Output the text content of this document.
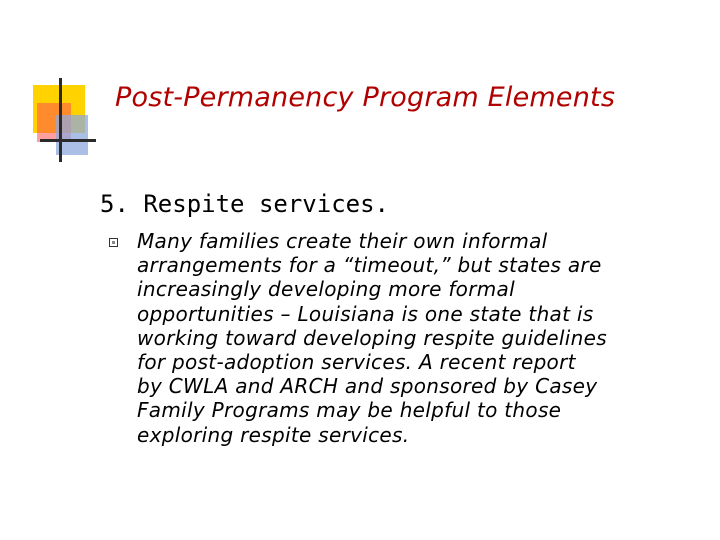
Post-Permanency Program Elements
5. Respite services.
Many families create their own informal
arrangements for a “timeout,” but states are
increasingly developing more formal
opportunities – Louisiana is one state that is
working toward developing respite guidelines
for post-adoption services. A recent report
by CWLA and ARCH and sponsored by Casey
Family Programs may be helpful to those
exploring respite services.
